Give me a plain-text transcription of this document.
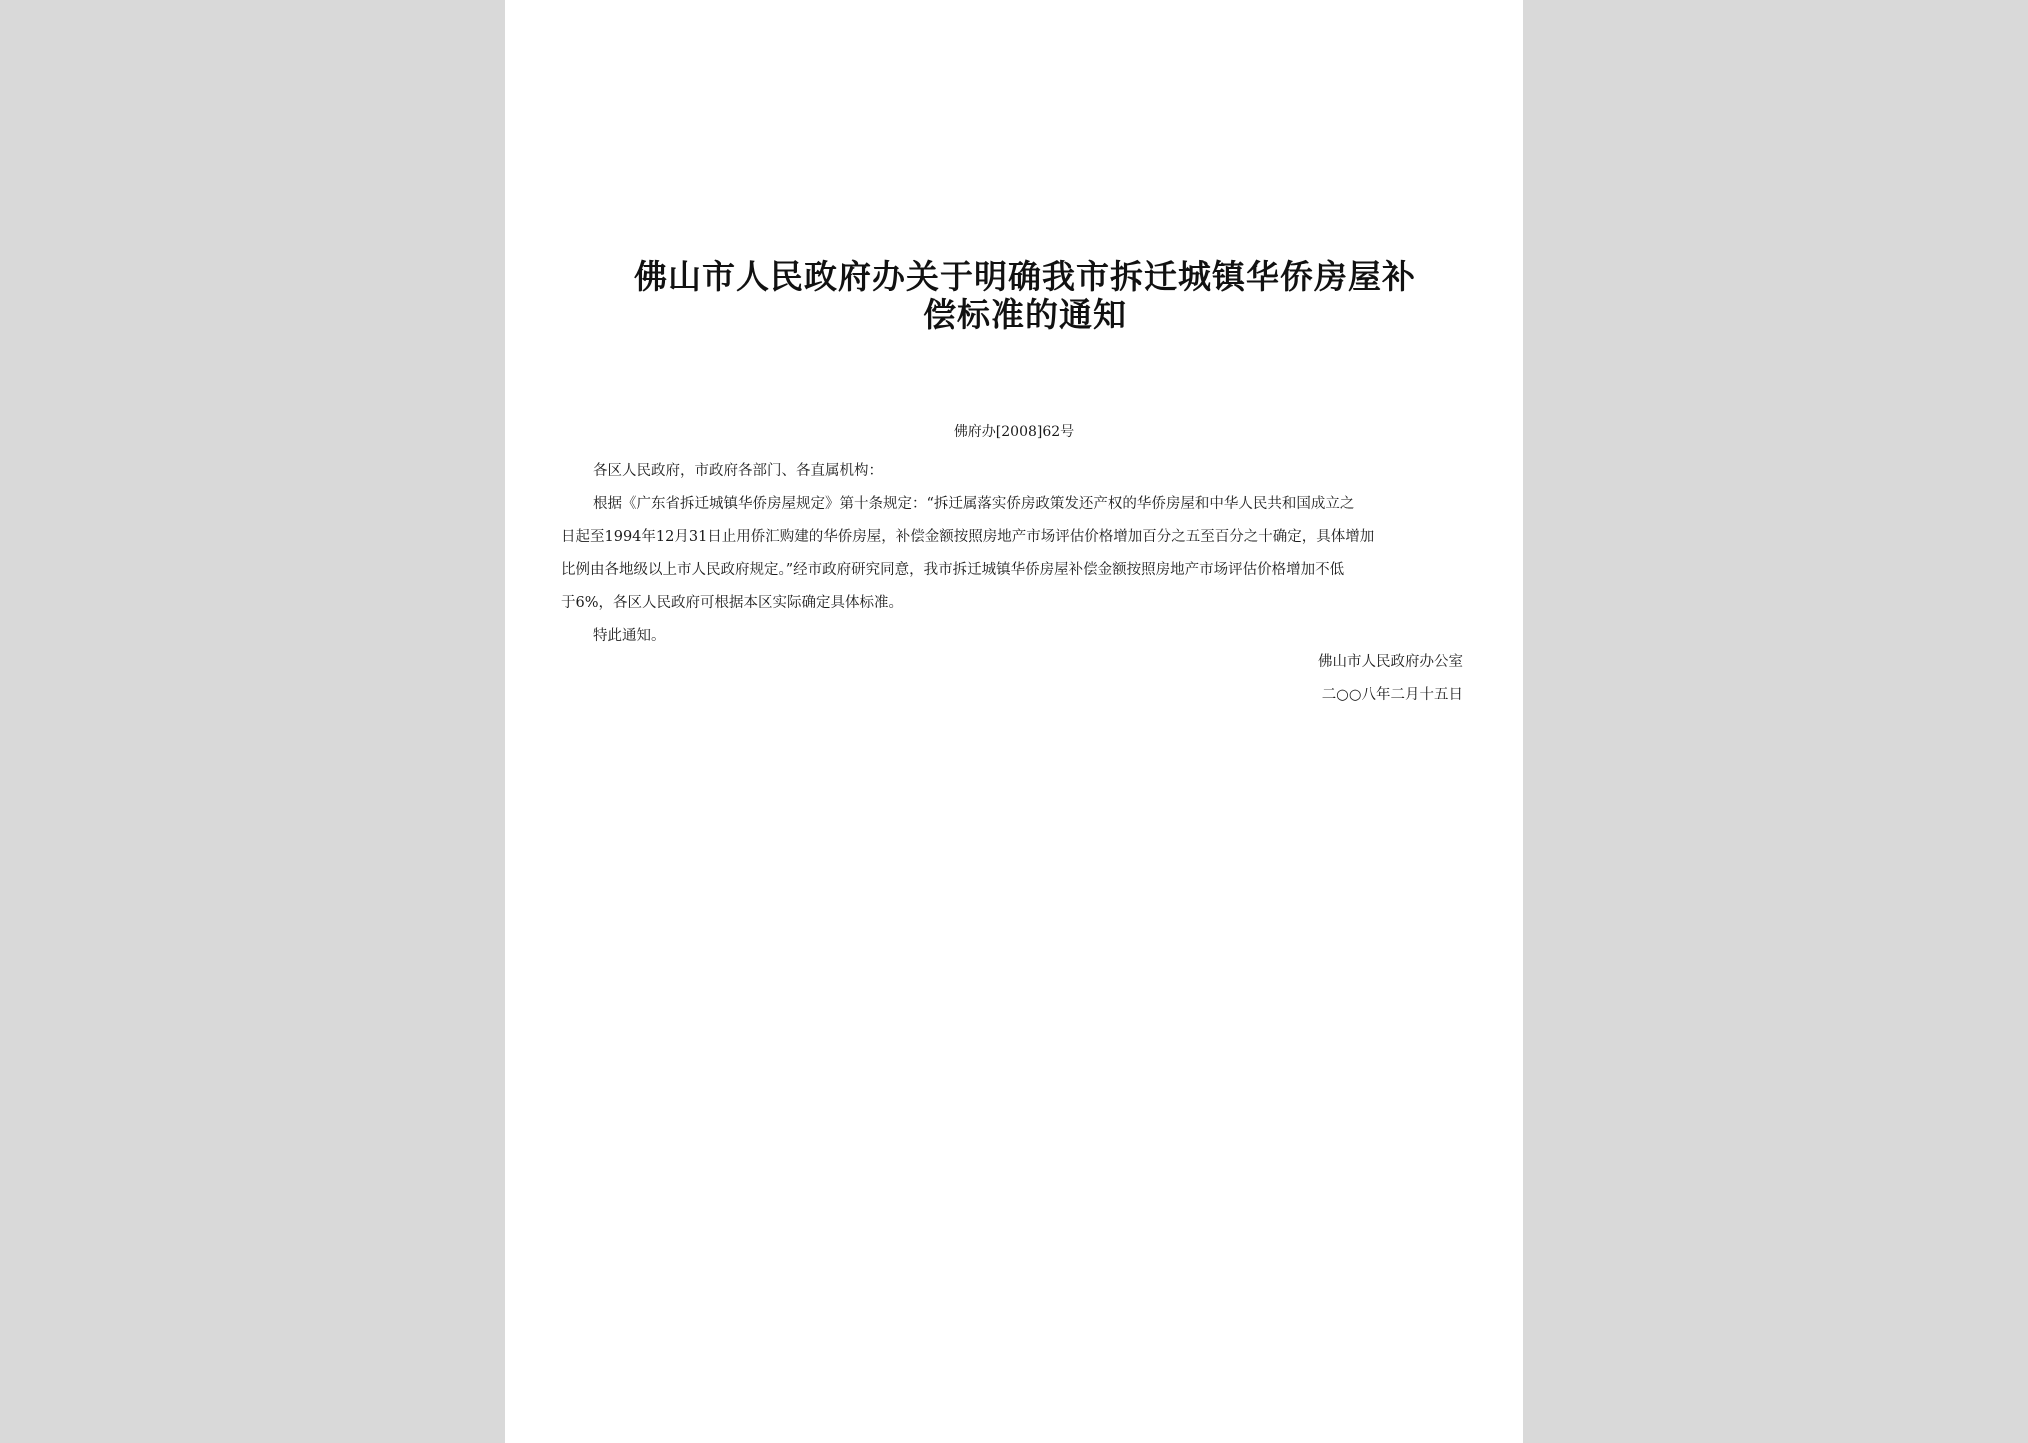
佛山市人民政府办关于明确我市拆迁城镇华侨房屋补
偿标准的通知
佛府办[2008]62号

各区人民政府，市政府各部门、各直属机构：

根据《广东省拆迁城镇华侨房屋规定》第十条规定：“拆迁属落实侨房政策发还产权的华侨房屋和中华人民共和国成立之
日起至1994年12月31日止用侨汇购建的华侨房屋，补偿金额按照房地产市场评估价格增加百分之五至百分之十确定，具体增加
比例由各地级以上市人民政府规定。”经市政府研究同意，我市拆迁城镇华侨房屋补偿金额按照房地产市场评估价格增加不低
于6%，各区人民政府可根据本区实际确定具体标准。

特此通知。

佛山市人民政府办公室
二○○八年二月十五日
